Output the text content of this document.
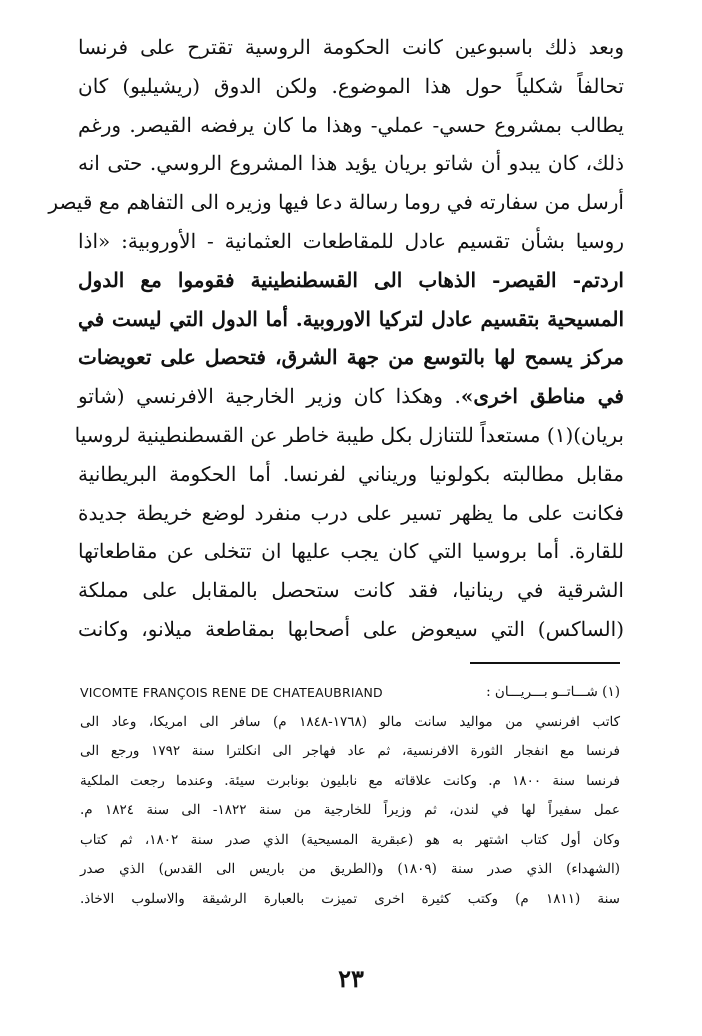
وبعد ذلك باسبوعين كانت الحكومة الروسية تقترح على فرنسا
تحالفاً شكلياً حول هذا الموضوع. ولكن الدوق (ريشيليو) كان
يطالب بمشروع حسي- عملي- وهذا ما كان يرفضه القيصر. ورغم
ذلك، كان يبدو أن شاتو بريان يؤيد هذا المشروع الروسي. حتى انه
أرسل من سفارته في روما رسالة دعا فيها وزيره الى التفاهم مع قيصر
روسيا بشأن تقسيم عادل للمقاطعات العثمانية - الأوروبية: «اذا
اردتم- القيصر- الذهاب الى القسطنطينية فقوموا مع الدول
المسيحية بتقسيم عادل لتركيا الاوروبية. أما الدول التي ليست في
مركز يسمح لها بالتوسع من جهة الشرق، فتحصل على تعويضات
في مناطق اخرى». وهكذا كان وزير الخارجية الافرنسي (شاتو
بريان)(١) مستعداً للتنازل بكل طيبة خاطر عن القسطنطينية لروسيا
مقابل مطالبته بكولونيا وريناني لفرنسا. أما الحكومة البريطانية
فكانت على ما يظهر تسير على درب منفرد لوضع خريطة جديدة
للقارة. أما بروسيا التي كان يجب عليها ان تتخلى عن مقاطعاتها
الشرقية في رينانيا، فقد كانت ستحصل بالمقابل على مملكة
(الساكس) التي سيعوض على أصحابها بمقاطعة ميلانو، وكانت
(١) شـــاتــو بـــريـــان :
VICOMTE FRANÇOIS RENE DE CHATEAUBRIAND
كاتب افرنسي من مواليد سانت مالو (١٧٦٨-١٨٤٨ م) سافر الى امريكا، وعاد الى
فرنسا مع انفجار الثورة الافرنسية، ثم عاد فهاجر الى انكلترا سنة ١٧٩٢ ورجع الى
فرنسا سنة ١٨٠٠ م. وكانت علاقاته مع نابليون بونابرت سيئة. وعندما رجعت الملكية
عمل سفيراً لها في لندن، ثم وزيراً للخارجية من سنة ١٨٢٢- الى سنة ١٨٢٤ م.
وكان أول كتاب اشتهر به هو (عبقرية المسيحية) الذي صدر سنة ١٨٠٢، ثم كتاب
(الشهداء) الذي صدر سنة (١٨٠٩) و(الطريق من باريس الى القدس) الذي صدر
سنة (١٨١١ م) وكتب كثيرة اخرى تميزت بالعبارة الرشيقة والاسلوب الاخاذ.
٢٣
